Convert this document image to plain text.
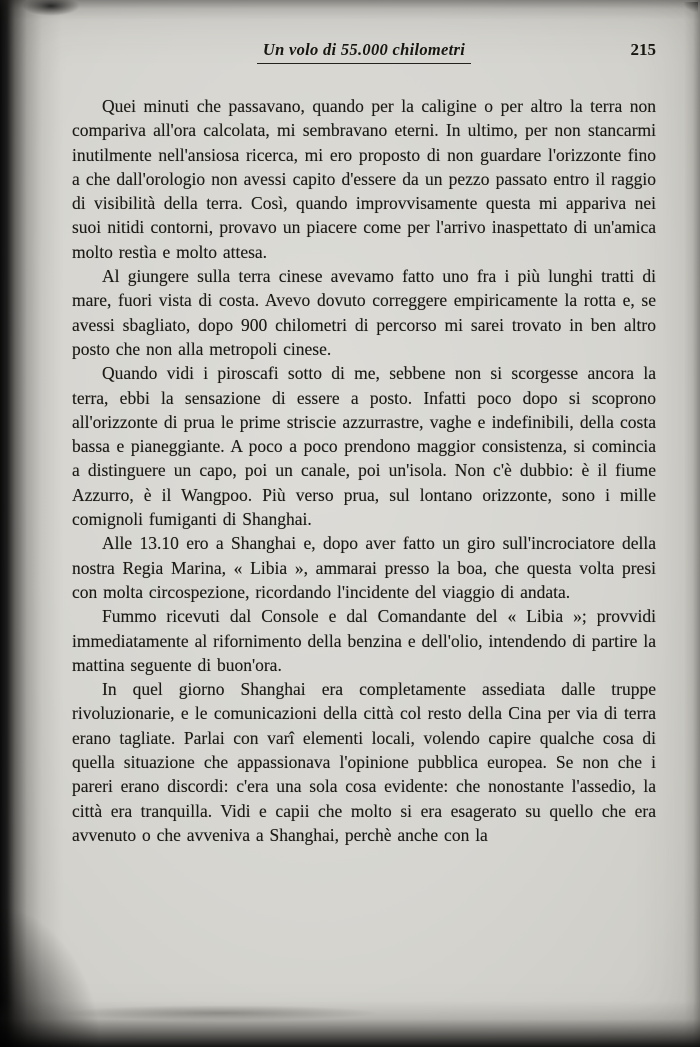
Un volo di 55.000 chilometri	215

Quei minuti che passavano, quando per la caligine o per altro la terra non compariva all'ora calcolata, mi sembravano eterni. In ultimo, per non stancarmi inutilmente nell'ansiosa ricerca, mi ero proposto di non guardare l'orizzonte fino a che dall'orologio non avessi capito d'essere da un pezzo passato entro il raggio di visibilità della terra. Così, quando improvvisamente questa mi appariva nei suoi nitidi contorni, provavo un piacere come per l'arrivo inaspettato di un'amica molto restìa e molto attesa.

Al giungere sulla terra cinese avevamo fatto uno fra i più lunghi tratti di mare, fuori vista di costa. Avevo dovuto correggere empiricamente la rotta e, se avessi sbagliato, dopo 900 chilometri di percorso mi sarei trovato in ben altro posto che non alla metropoli cinese.

Quando vidi i piroscafi sotto di me, sebbene non si scorgesse ancora la terra, ebbi la sensazione di essere a posto. Infatti poco dopo si scoprono all'orizzonte di prua le prime striscie azzurrastre, vaghe e indefinibili, della costa bassa e pianeggiante. A poco a poco prendono maggior consistenza, si comincia a distinguere un capo, poi un canale, poi un'isola. Non c'è dubbio: è il fiume Azzurro, è il Wangpoo. Più verso prua, sul lontano orizzonte, sono i mille comignoli fumiganti di Shanghai.

Alle 13.10 ero a Shanghai e, dopo aver fatto un giro sull'incrociatore della nostra Regia Marina, « Libia », ammarai presso la boa, che questa volta presi con molta circospezione, ricordando l'incidente del viaggio di andata.

Fummo ricevuti dal Console e dal Comandante del « Libia »; provvidi immediatamente al rifornimento della benzina e dell'olio, intendendo di partire la mattina seguente di buon'ora.

In quel giorno Shanghai era completamente assediata dalle truppe rivoluzionarie, e le comunicazioni della città col resto della Cina per via di terra erano tagliate. Parlai con varî elementi locali, volendo capire qualche cosa di quella situazione che appassionava l'opinione pubblica europea. Se non che i pareri erano discordi: c'era una sola cosa evidente: che nonostante l'assedio, la città era tranquilla. Vidi e capii che molto si era esagerato su quello che era avvenuto o che avveniva a Shanghai, perchè anche con la
